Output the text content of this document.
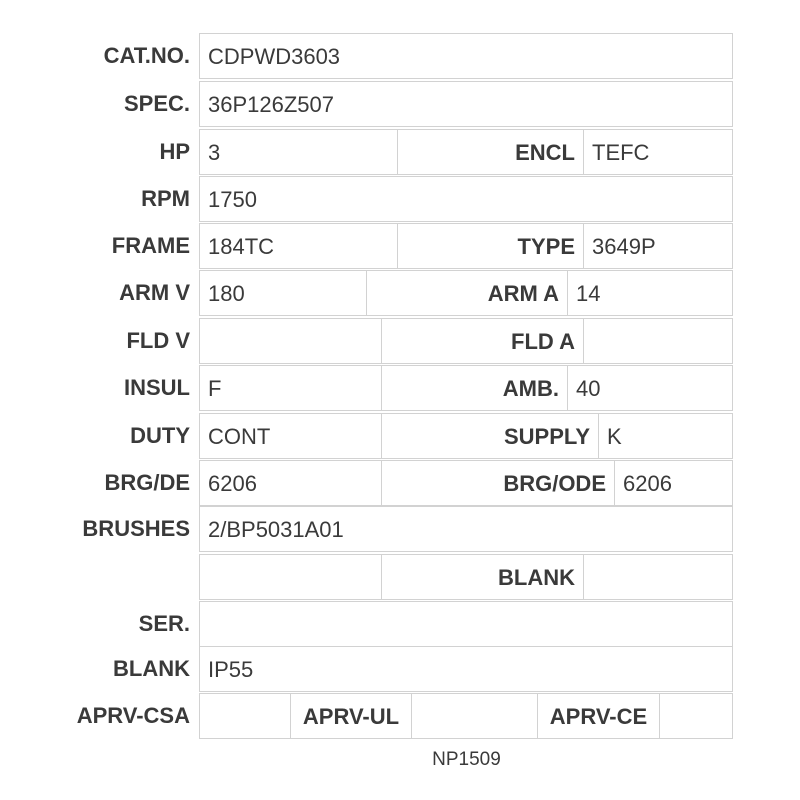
CAT.NO. CDPWD3603
SPEC. 36P126Z507
HP 3	ENCL TEFC
RPM 1750
FRAME 184TC	TYPE 3649P
ARM V 180	ARM A 14
FLD V	FLD A
INSUL F	AMB. 40
DUTY CONT	SUPPLY K
BRG/DE 6206	BRG/ODE 6206
BRUSHES 2/BP5031A01
BLANK
SER.
BLANK IP55
APRV-CSA	APRV-UL	APRV-CE
NP1509
